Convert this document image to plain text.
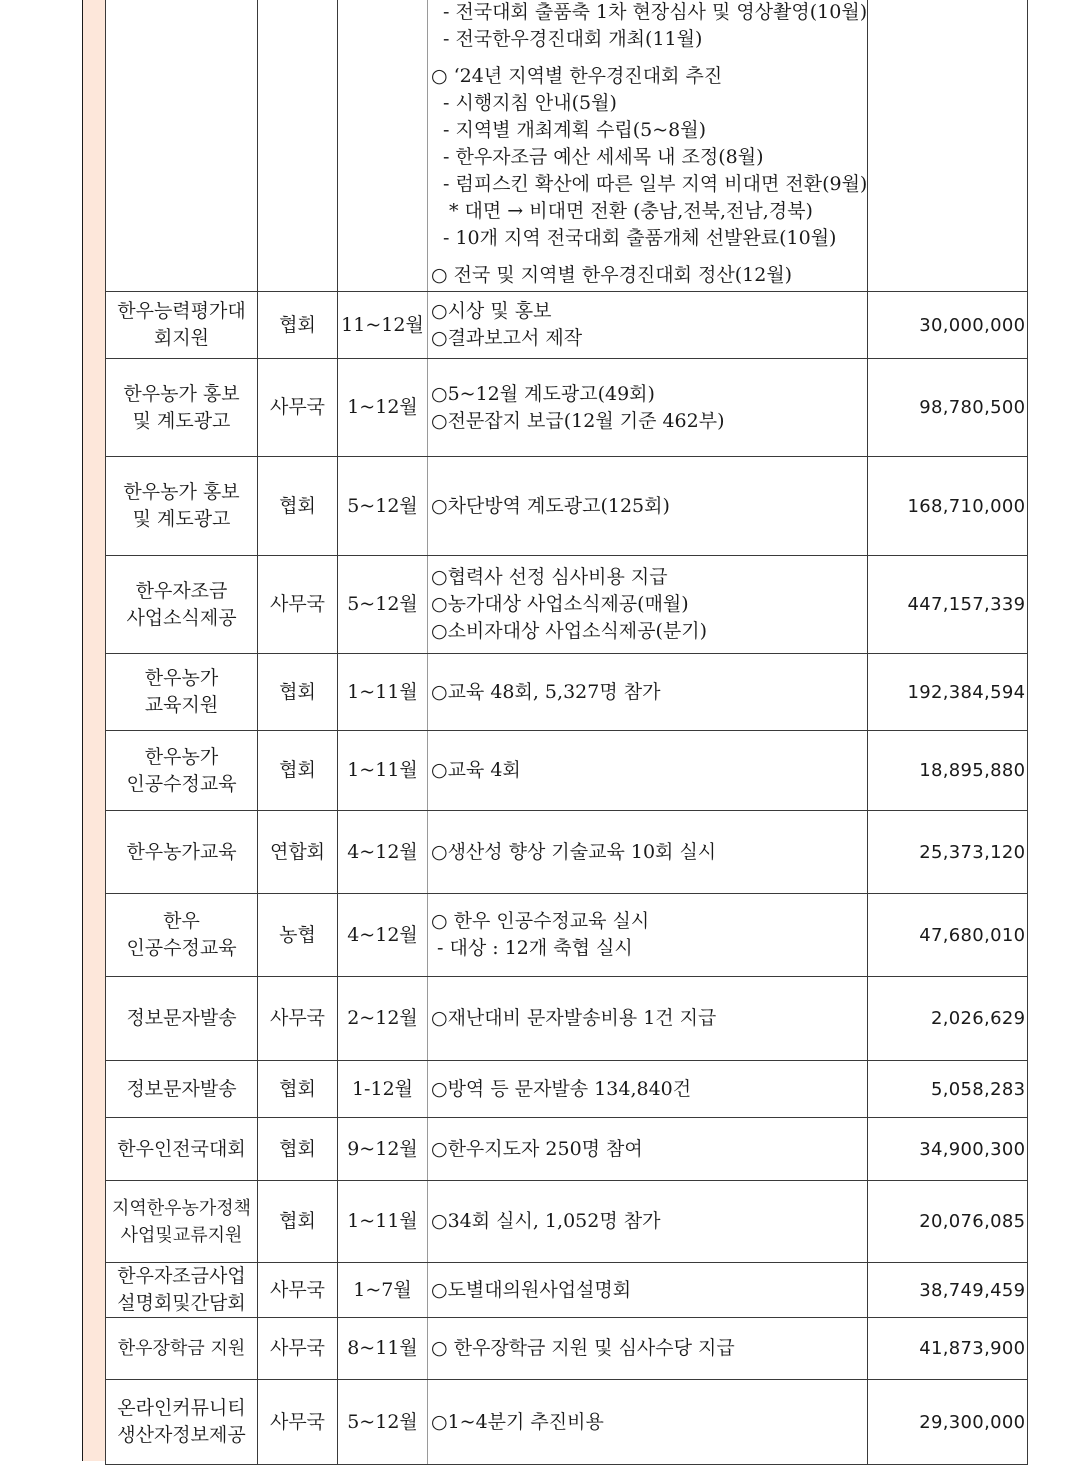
- 전국대회 출품축 1차 현장심사 및 영상촬영(10월)
- 전국한우경진대회 개최(11월)
○ ‘24년 지역별 한우경진대회 추진
- 시행지침 안내(5월)
- 지역별 개최계획 수립(5~8월)
- 한우자조금 예산 세세목 내 조정(8월)
- 럼피스킨 확산에 따른 일부 지역 비대면 전환(9월)
* 대면 → 비대면 전환 (충남,전북,전남,경북)
- 10개 지역 전국대회 출품개체 선발완료(10월)
○ 전국 및 지역별 한우경진대회 정산(12월)

한우능력평가대
회지원	협회	11~12월	○시상 및 홍보
○결과보고서 제작	30,000,000

한우농가 홍보
및 계도광고	사무국	1~12월	○5~12월 계도광고(49회)
○전문잡지 보급(12월 기준 462부)	98,780,500

한우농가 홍보
및 계도광고	협회	5~12월	○차단방역 계도광고(125회)	168,710,000

한우자조금
사업소식제공	사무국	5~12월	○협력사 선정 심사비용 지급
○농가대상 사업소식제공(매월)
○소비자대상 사업소식제공(분기)	447,157,339

한우농가
교육지원	협회	1~11월	○교육 48회, 5,327명 참가	192,384,594

한우농가
인공수정교육	협회	1~11월	○교육 4회	18,895,880

한우농가교육	연합회	4~12월	○생산성 향상 기술교육 10회 실시	25,373,120

한우
인공수정교육	농협	4~12월	○ 한우 인공수정교육 실시
- 대상 : 12개 축협 실시	47,680,010

정보문자발송	사무국	2~12월	○재난대비 문자발송비용 1건 지급	2,026,629

정보문자발송	협회	1-12월	○방역 등 문자발송 134,840건	5,058,283

한우인전국대회	협회	9~12월	○한우지도자 250명 참여	34,900,300

지역한우농가정책
사업및교류지원	협회	1~11월	○34회 실시, 1,052명 참가	20,076,085

한우자조금사업
설명회및간담회	사무국	1~7월	○도별대의원사업설명회	38,749,459

한우장학금 지원	사무국	8~11월	○ 한우장학금 지원 및 심사수당 지급	41,873,900

온라인커뮤니티
생산자정보제공	사무국	5~12월	○1~4분기 추진비용	29,300,000
